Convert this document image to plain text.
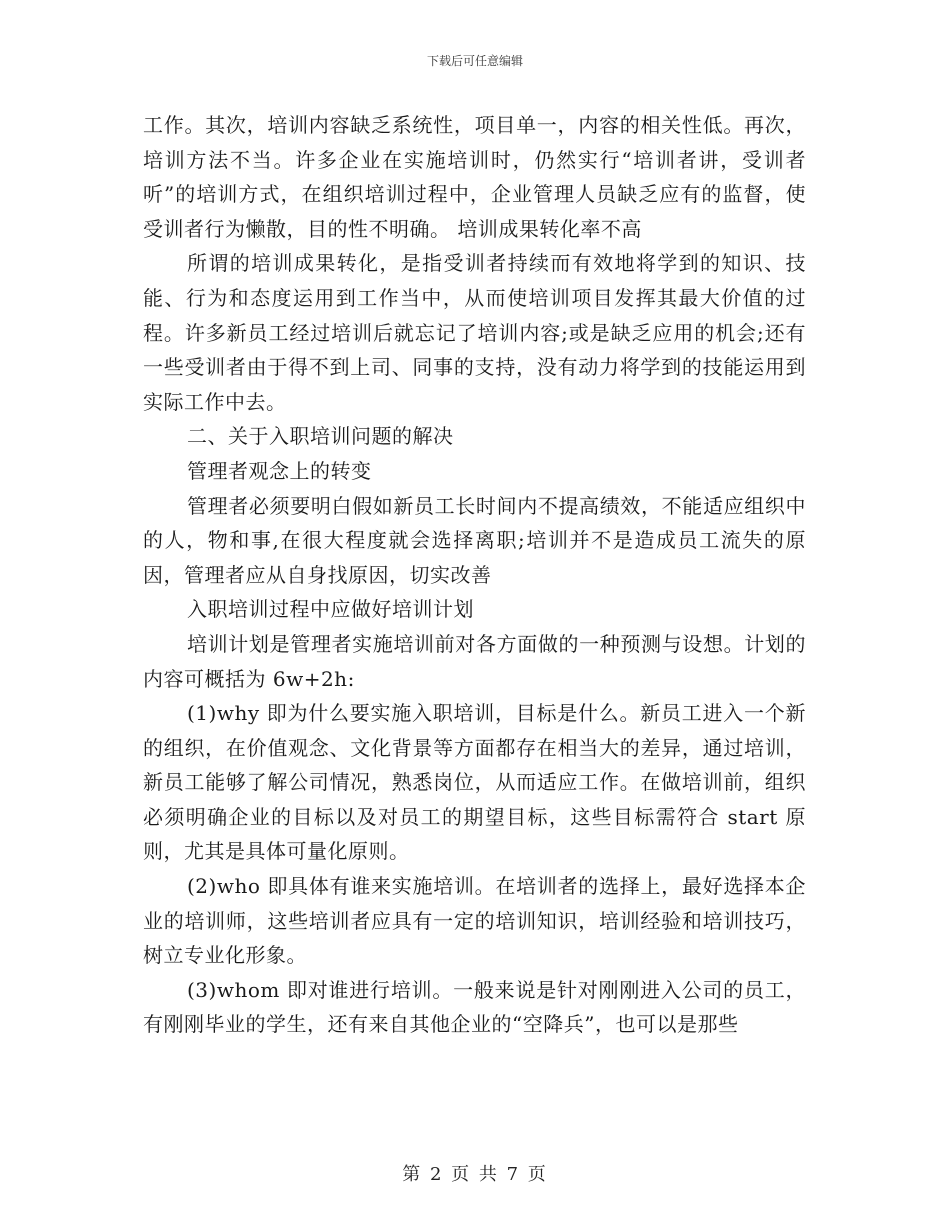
下载后可任意编辑

工作。其次，培训内容缺乏系统性，项目单一，内容的相关性低。再次，培训方法不当。许多企业在实施培训时，仍然实行“培训者讲，受训者听”的培训方式，在组织培训过程中，企业管理人员缺乏应有的监督，使受训者行为懒散，目的性不明确。 培训成果转化率不高

所谓的培训成果转化，是指受训者持续而有效地将学到的知识、技能、行为和态度运用到工作当中，从而使培训项目发挥其最大价值的过程。许多新员工经过培训后就忘记了培训内容;或是缺乏应用的机会;还有一些受训者由于得不到上司、同事的支持，没有动力将学到的技能运用到实际工作中去。

二、关于入职培训问题的解决

管理者观念上的转变

管理者必须要明白假如新员工长时间内不提高绩效，不能适应组织中的人，物和事,在很大程度就会选择离职;培训并不是造成员工流失的原因，管理者应从自身找原因，切实改善

入职培训过程中应做好培训计划

培训计划是管理者实施培训前对各方面做的一种预测与设想。计划的内容可概括为 6w+2h:

(1)why 即为什么要实施入职培训，目标是什么。新员工进入一个新的组织，在价值观念、文化背景等方面都存在相当大的差异，通过培训，新员工能够了解公司情况，熟悉岗位，从而适应工作。在做培训前，组织必须明确企业的目标以及对员工的期望目标，这些目标需符合 start 原则，尤其是具体可量化原则。

(2)who 即具体有谁来实施培训。在培训者的选择上，最好选择本企业的培训师，这些培训者应具有一定的培训知识，培训经验和培训技巧，树立专业化形象。

(3)whom 即对谁进行培训。一般来说是针对刚刚进入公司的员工，有刚刚毕业的学生，还有来自其他企业的“空降兵”，也可以是那些

第 2 页 共 7 页
